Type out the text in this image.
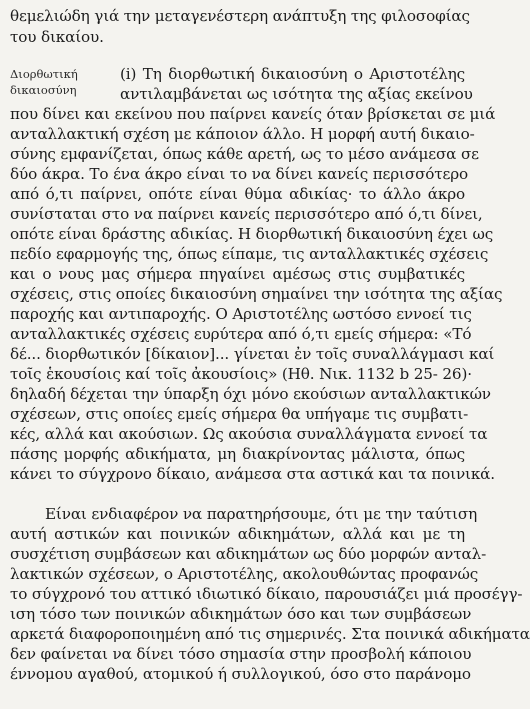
Διορθωτική
δικαιοσύνη
θεμελιώδη γιά την μεταγενέστερη ανάπτυξη της φιλοσοφίας
του δικαίου.
(i) Τη διορθωτική δικαιοσύνη ο Αριστοτέλης
αντιλαμβάνεται ως ισότητα της αξίας εκείνου
που δίνει και εκείνου που παίρνει κανείς όταν βρίσκεται σε μιά
ανταλλακτική σχέση με κάποιον άλλο. Η μορφή αυτή δικαιο-
σύνης εμφανίζεται, όπως κάθε αρετή, ως το μέσο ανάμεσα σε
δύο άκρα. Το ένα άκρο είναι το να δίνει κανείς περισσότερο
από ό,τι παίρνει, οπότε είναι θύμα αδικίας· το άλλο άκρο
συνίσταται στο να παίρνει κανείς περισσότερο από ό,τι δίνει,
οπότε είναι δράστης αδικίας. Η διορθωτική δικαιοσύνη έχει ως
πεδίο εφαρμογής της, όπως είπαμε, τις ανταλλακτικές σχέσεις
και ο νους μας σήμερα πηγαίνει αμέσως στις συμβατικές
σχέσεις, στις οποίες δικαιοσύνη σημαίνει την ισότητα της αξίας
παροχής και αντιπαροχής. Ο Αριστοτέλης ωστόσο εννοεί τις
ανταλλακτικές σχέσεις ευρύτερα από ό,τι εμείς σήμερα: «Τό
δέ... διορθωτικόν [δίκαιον]... γίνεται ἐν τοῖς συναλλάγμασι καί
τοῖς ἑκουσίοις καί τοῖς ἀκουσίοις» (Ηθ. Νικ. 1132 b 25- 26)·
δηλαδή δέχεται την ύπαρξη όχι μόνο εκούσιων ανταλλακτικών
σχέσεων, στις οποίες εμείς σήμερα θα υπήγαμε τις συμβατι-
κές, αλλά και ακούσιων. Ως ακούσια συναλλάγματα εννοεί τα
πάσης μορφής αδικήματα, μη διακρίνοντας μάλιστα, όπως
κάνει το σύγχρονο δίκαιο, ανάμεσα στα αστικά και τα ποινικά.
Είναι ενδιαφέρον να παρατηρήσουμε, ότι με την ταύτιση
αυτή αστικών και ποινικών αδικημάτων, αλλά και με τη
συσχέτιση συμβάσεων και αδικημάτων ως δύο μορφών ανταλ-
λακτικών σχέσεων, ο Αριστοτέλης, ακολουθώντας προφανώς
το σύγχρονό του αττικό ιδιωτικό δίκαιο, παρουσιάζει μιά προσέγγ-
ιση τόσο των ποινικών αδικημάτων όσο και των συμβάσεων
αρκετά διαφοροποιημένη από τις σημερινές. Στα ποινικά αδικήματα
δεν φαίνεται να δίνει τόσο σημασία στην προσβολή κάποιου
έννομου αγαθού, ατομικού ή συλλογικού, όσο στο παράνομο
